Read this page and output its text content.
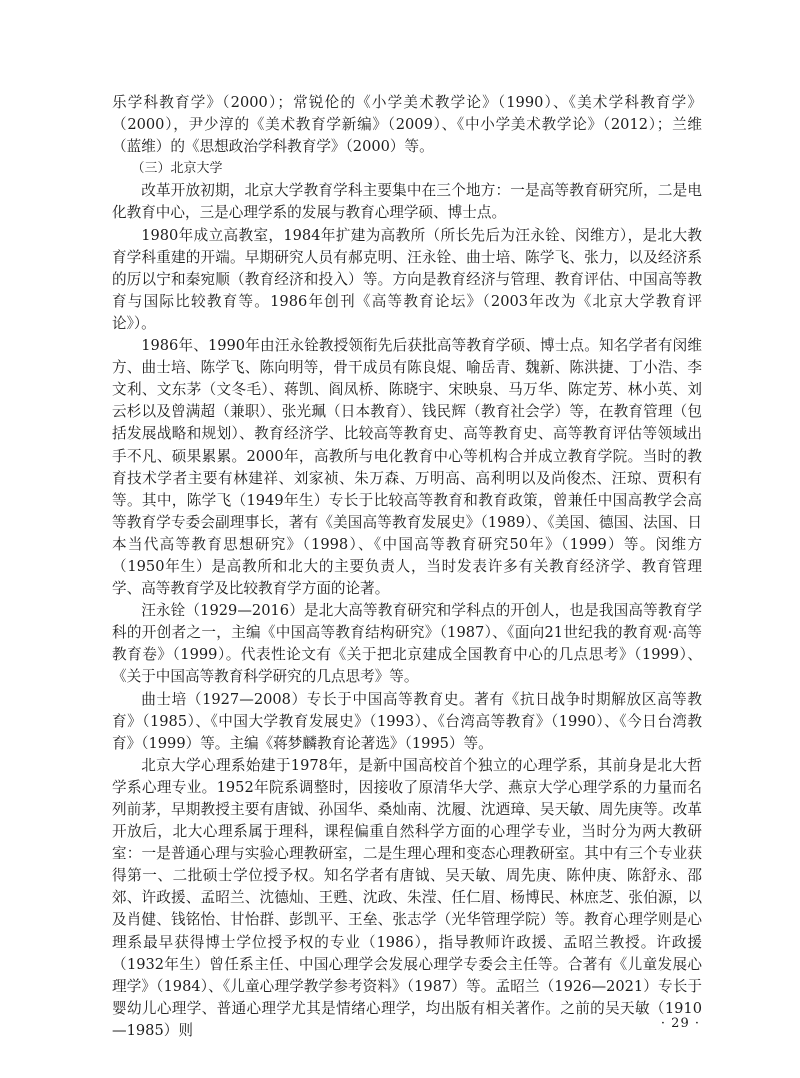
乐学科教育学》（2000）；常锐伦的《小学美术教学论》（1990）、《美术学科教育学》（2000），尹少淳的《美术教育学新编》（2009）、《中小学美术教学论》（2012）；兰维（蓝维）的《思想政治学科教育学》（2000）等。

（三）北京大学

改革开放初期，北京大学教育学科主要集中在三个地方：一是高等教育研究所，二是电化教育中心，三是心理学系的发展与教育心理学硕、博士点。

1980年成立高教室，1984年扩建为高教所（所长先后为汪永铨、闵维方），是北大教育学科重建的开端。早期研究人员有郝克明、汪永铨、曲士培、陈学飞、张力，以及经济系的厉以宁和秦宛顺（教育经济和投入）等。方向是教育经济与管理、教育评估、中国高等教育与国际比较教育等。1986年创刊《高等教育论坛》（2003年改为《北京大学教育评论》）。

1986年、1990年由汪永铨教授领衔先后获批高等教育学硕、博士点。知名学者有闵维方、曲士培、陈学飞、陈向明等，骨干成员有陈良焜、喻岳青、魏新、陈洪捷、丁小浩、李文利、文东茅（文冬毛）、蒋凯、阎凤桥、陈晓宇、宋映泉、马万华、陈定芳、林小英、刘云杉以及曾满超（兼职）、张光珮（日本教育）、钱民辉（教育社会学）等，在教育管理（包括发展战略和规划）、教育经济学、比较高等教育史、高等教育史、高等教育评估等领域出手不凡、硕果累累。2000年，高教所与电化教育中心等机构合并成立教育学院。当时的教育技术学者主要有林建祥、刘家祯、朱万森、万明高、高利明以及尚俊杰、汪琼、贾积有等。其中，陈学飞（1949年生）专长于比较高等教育和教育政策，曾兼任中国高教学会高等教育学专委会副理事长，著有《美国高等教育发展史》（1989）、《美国、德国、法国、日本当代高等教育思想研究》（1998）、《中国高等教育研究50年》（1999）等。闵维方（1950年生）是高教所和北大的主要负责人，当时发表许多有关教育经济学、教育管理学、高等教育学及比较教育学方面的论著。

汪永铨（1929—2016）是北大高等教育研究和学科点的开创人，也是我国高等教育学科的开创者之一，主编《中国高等教育结构研究》（1987）、《面向21世纪我的教育观·高等教育卷》（1999）。代表性论文有《关于把北京建成全国教育中心的几点思考》（1999）、《关于中国高等教育科学研究的几点思考》等。

曲士培（1927—2008）专长于中国高等教育史。著有《抗日战争时期解放区高等教育》（1985）、《中国大学教育发展史》（1993）、《台湾高等教育》（1990）、《今日台湾教育》（1999）等。主编《蒋梦麟教育论著选》（1995）等。

北京大学心理系始建于1978年，是新中国高校首个独立的心理学系，其前身是北大哲学系心理专业。1952年院系调整时，因接收了原清华大学、燕京大学心理学系的力量而名列前茅，早期教授主要有唐钺、孙国华、桑灿南、沈履、沈迺璋、吴天敏、周先庚等。改革开放后，北大心理系属于理科，课程偏重自然科学方面的心理学专业，当时分为两大教研室：一是普通心理与实验心理教研室，二是生理心理和变态心理教研室。其中有三个专业获得第一、二批硕士学位授予权。知名学者有唐钺、吴天敏、周先庚、陈仲庚、陈舒永、邵郊、许政援、孟昭兰、沈德灿、王甦、沈政、朱滢、任仁眉、杨博民、林庶芝、张伯源，以及肖健、钱铭怡、甘怡群、彭凯平、王垒、张志学（光华管理学院）等。教育心理学则是心理系最早获得博士学位授予权的专业（1986），指导教师许政援、孟昭兰教授。许政援（1932年生）曾任系主任、中国心理学会发展心理学专委会主任等。合著有《儿童发展心理学》（1984）、《儿童心理学教学参考资料》（1987）等。孟昭兰（1926—2021）专长于婴幼儿心理学、普通心理学尤其是情绪心理学，均出版有相关著作。之前的吴天敏（1910—1985）则	· 29 ·
